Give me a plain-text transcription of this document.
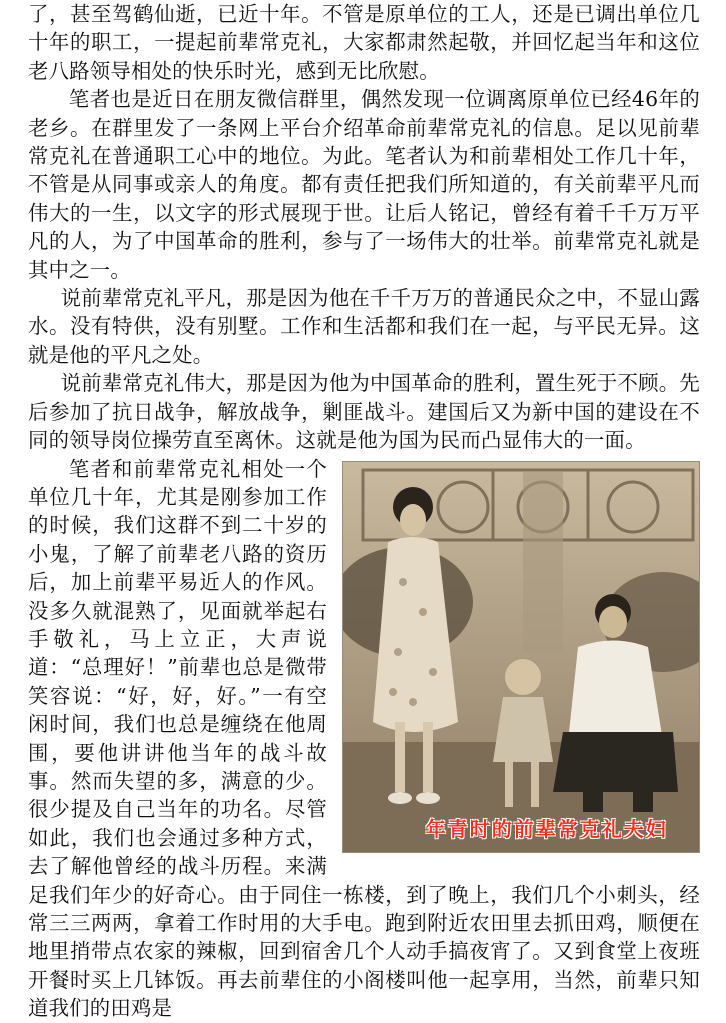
了，甚至驾鹤仙逝，已近十年。不管是原单位的工人，还是已调出单位几十年的职工，一提起前辈常克礼，大家都肃然起敬，并回忆起当年和这位老八路领导相处的快乐时光，感到无比欣慰。

笔者也是近日在朋友微信群里，偶然发现一位调离原单位已经46年的老乡。在群里发了一条网上平台介绍革命前辈常克礼的信息。足以见前辈常克礼在普通职工心中的地位。为此。笔者认为和前辈相处工作几十年，不管是从同事或亲人的角度。都有责任把我们所知道的，有关前辈平凡而伟大的一生，以文字的形式展现于世。让后人铭记，曾经有着千千万万平凡的人，为了中国革命的胜利，参与了一场伟大的壮举。前辈常克礼就是其中之一。

说前辈常克礼平凡，那是因为他在千千万万的普通民众之中，不显山露水。没有特供，没有别墅。工作和生活都和我们在一起，与平民无异。这就是他的平凡之处。

说前辈常克礼伟大，那是因为他为中国革命的胜利，置生死于不顾。先后参加了抗日战争，解放战争，剿匪战斗。建国后又为新中国的建设在不同的领导岗位操劳直至离休。这就是他为国为民而凸显伟大的一面。

年青时的前辈常克礼夫妇
笔者和前辈常克礼相处一个单位几十年，尤其是刚参加工作的时候，我们这群不到二十岁的小鬼，了解了前辈老八路的资历后，加上前辈平易近人的作风。没多久就混熟了，见面就举起右手敬礼，马上立正，大声说道：“总理好！”前辈也总是微带笑容说：“好，好，好。”一有空闲时间，我们也总是缠绕在他周围，要他讲讲他当年的战斗故事。然而失望的多，满意的少。很少提及自己当年的功名。尽管如此，我们也会通过多种方式，去了解他曾经的战斗历程。来满足我们年少的好奇心。由于同住一栋楼，到了晚上，我们几个小刺头，经常三三两两，拿着工作时用的大手电。跑到附近农田里去抓田鸡，顺便在地里捎带点农家的辣椒，回到宿舍几个人动手搞夜宵了。又到食堂上夜班开餐时买上几钵饭。再去前辈住的小阁楼叫他一起享用，当然，前辈只知道我们的田鸡是
